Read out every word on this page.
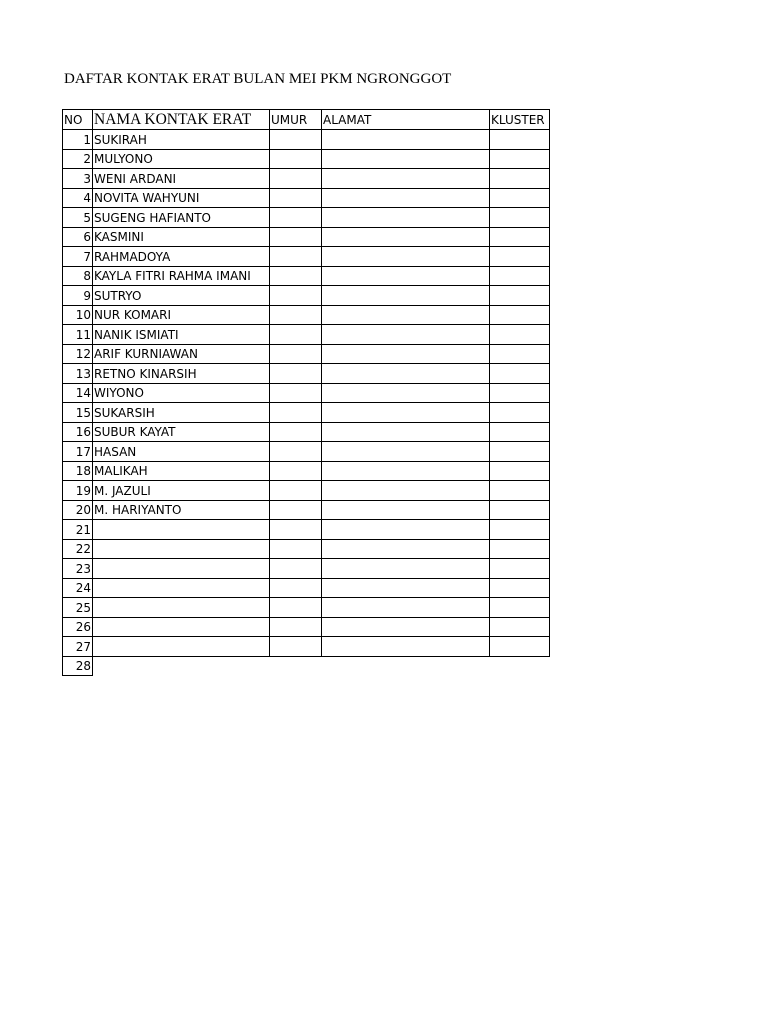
DAFTAR KONTAK ERAT BULAN MEI PKM NGRONGGOT
NO	NAMA KONTAK ERAT	UMUR	ALAMAT	KLUSTER
1	SUKIRAH			
2	MULYONO			
3	WENI ARDANI			
4	NOVITA WAHYUNI			
5	SUGENG HAFIANTO			
6	KASMINI			
7	RAHMADOYA			
8	KAYLA FITRI RAHMA IMANI			
9	SUTRYO			
10	NUR KOMARI			
11	NANIK ISMIATI			
12	ARIF KURNIAWAN			
13	RETNO KINARSIH			
14	WIYONO			
15	SUKARSIH			
16	SUBUR KAYAT			
17	HASAN			
18	MALIKAH			
19	M. JAZULI			
20	M. HARIYANTO			
21				
22				
23				
24				
25				
26				
27				
28				
